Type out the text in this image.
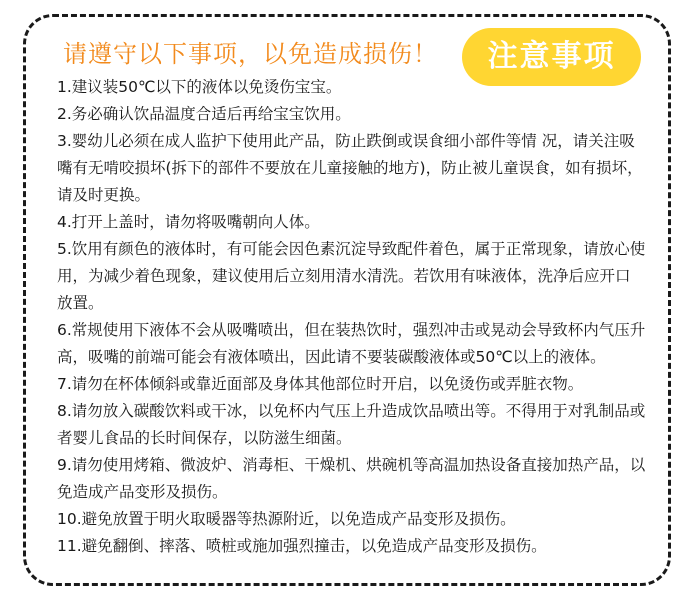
请遵守以下事项，以免造成损伤！	注意事项
1.建议装50℃以下的液体以免烫伤宝宝。
2.务必确认饮品温度合适后再给宝宝饮用。
3.婴幼儿必须在成人监护下使用此产品，防止跌倒或误食细小部件等情 况，请关注吸
嘴有无啃咬损坏(拆下的部件不要放在儿童接触的地方)，防止被儿童误食，如有损坏，
请及时更换。
4.打开上盖时，请勿将吸嘴朝向人体。
5.饮用有颜色的液体时，有可能会因色素沉淀导致配件着色，属于正常现象，请放心使
用，为减少着色现象，建议使用后立刻用清水清洗。若饮用有味液体，洗净后应开口
放置。
6.常规使用下液体不会从吸嘴喷出，但在装热饮时，强烈冲击或晃动会导致杯内气压升
高，吸嘴的前端可能会有液体喷出，因此请不要装碳酸液体或50℃以上的液体。
7.请勿在杯体倾斜或靠近面部及身体其他部位时开启，以免烫伤或弄脏衣物。
8.请勿放入碳酸饮料或干冰，以免杯内气压上升造成饮品喷出等。不得用于对乳制品或
者婴儿食品的长时间保存，以防滋生细菌。
9.请勿使用烤箱、微波炉、消毒柜、干燥机、烘碗机等高温加热设备直接加热产品，以
免造成产品变形及损伤。
10.避免放置于明火取暖器等热源附近，以免造成产品变形及损伤。
11.避免翻倒、摔落、喷桩或施加强烈撞击，以免造成产品变形及损伤。
